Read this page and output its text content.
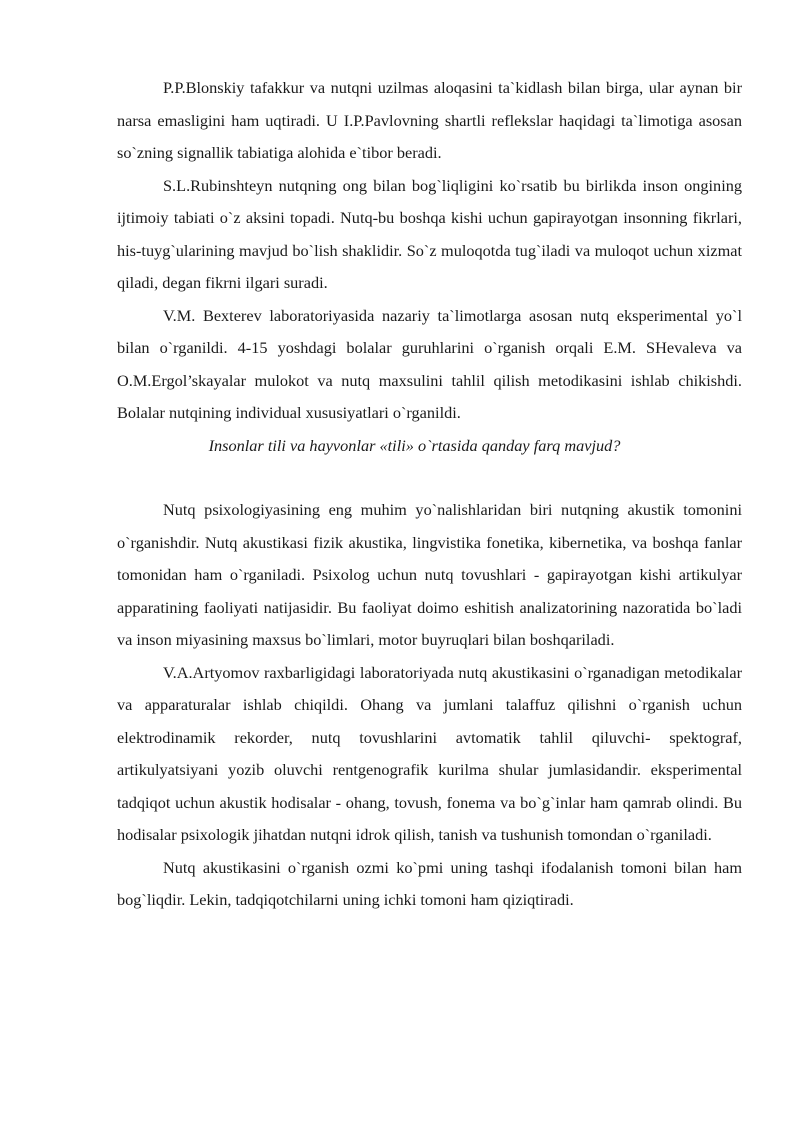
P.P.Blonskiy tafakkur va nutqni uzilmas aloqasini ta`kidlash bilan birga, ular aynan bir narsa emasligini ham uqtiradi. U I.P.Pavlovning shartli reflekslar haqidagi ta`limotiga asosan so`zning signallik tabiatiga alohida e`tibor beradi.

S.L.Rubinshteyn nutqning ong bilan bog`liqligini ko`rsatib bu birlikda inson ongining ijtimoiy tabiati o`z aksini topadi. Nutq-bu boshqa kishi uchun gapirayotgan insonning fikrlari, his-tuyg`ularining mavjud bo`lish shaklidir. So`z muloqotda tug`iladi va muloqot uchun xizmat qiladi, degan fikrni ilgari suradi.

V.M. Bexterev laboratoriyasida nazariy ta`limotlarga asosan nutq eksperimental yo`l bilan o`rganildi. 4-15 yoshdagi bolalar guruhlarini o`rganish orqali E.M. SHevaleva va O.M.Ergol’skayalar mulokot va nutq maxsulini tahlil qilish metodikasini ishlab chikishdi. Bolalar nutqining individual xususiyatlari o`rganildi.

Insonlar tili va hayvonlar «tili» o`rtasida qanday farq mavjud?

Nutq psixologiyasining eng muhim yo`nalishlaridan biri nutqning akustik tomonini o`rganishdir. Nutq akustikasi fizik akustika, lingvistika fonetika, kibernetika, va boshqa fanlar tomonidan ham o`rganiladi. Psixolog uchun nutq tovushlari - gapirayotgan kishi artikulyar apparatining faoliyati natijasidir. Bu faoliyat doimo eshitish analizatorining nazoratida bo`ladi va inson miyasining maxsus bo`limlari, motor buyruqlari bilan boshqariladi.

V.A.Artyomov raxbarligidagi laboratoriyada nutq akustikasini o`rganadigan metodikalar va apparaturalar ishlab chiqildi. Ohang va jumlani talaffuz qilishni o`rganish uchun elektrodinamik rekorder, nutq tovushlarini avtomatik tahlil qiluvchi- spektograf, artikulyatsiyani yozib oluvchi rentgenografik kurilma shular jumlasidandir. eksperimental tadqiqot uchun akustik hodisalar - ohang, tovush, fonema va bo`g`inlar ham qamrab olindi. Bu hodisalar psixologik jihatdan nutqni idrok qilish, tanish va tushunish tomondan o`rganiladi.

Nutq akustikasini o`rganish ozmi ko`pmi uning tashqi ifodalanish tomoni bilan ham bog`liqdir. Lekin, tadqiqotchilarni uning ichki tomoni ham qiziqtiradi.
